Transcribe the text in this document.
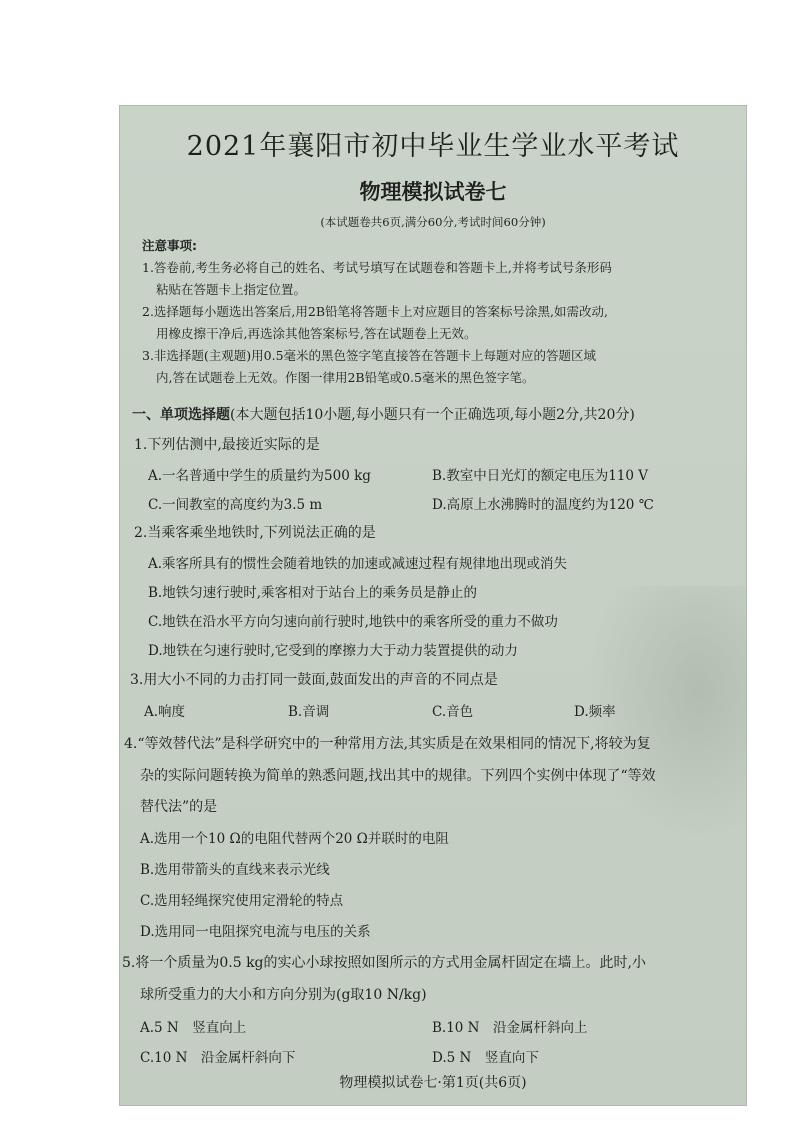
2021年襄阳市初中毕业生学业水平考试
物理模拟试卷七
(本试题卷共6页,满分60分,考试时间60分钟)
注意事项:
1.答卷前,考生务必将自己的姓名、考试号填写在试题卷和答题卡上,并将考试号条形码
粘贴在答题卡上指定位置。
2.选择题每小题选出答案后,用2B铅笔将答题卡上对应题目的答案标号涂黑,如需改动,
用橡皮擦干净后,再选涂其他答案标号,答在试题卷上无效。
3.非选择题(主观题)用0.5毫米的黑色签字笔直接答在答题卡上每题对应的答题区域
内,答在试题卷上无效。作图一律用2B铅笔或0.5毫米的黑色签字笔。
一、单项选择题(本大题包括10小题,每小题只有一个正确选项,每小题2分,共20分)
1.下列估测中,最接近实际的是
A.一名普通中学生的质量约为500 kg	B.教室中日光灯的额定电压为110 V
C.一间教室的高度约为3.5 m	D.高原上水沸腾时的温度约为120 ℃
2.当乘客乘坐地铁时,下列说法正确的是
A.乘客所具有的惯性会随着地铁的加速或减速过程有规律地出现或消失
B.地铁匀速行驶时,乘客相对于站台上的乘务员是静止的
C.地铁在沿水平方向匀速向前行驶时,地铁中的乘客所受的重力不做功
D.地铁在匀速行驶时,它受到的摩擦力大于动力装置提供的动力
3.用大小不同的力击打同一鼓面,鼓面发出的声音的不同点是
A.响度	B.音调	C.音色	D.频率
4.“等效替代法”是科学研究中的一种常用方法,其实质是在效果相同的情况下,将较为复
杂的实际问题转换为简单的熟悉问题,找出其中的规律。下列四个实例中体现了“等效
替代法”的是
A.选用一个10 Ω的电阻代替两个20 Ω并联时的电阻
B.选用带箭头的直线来表示光线
C.选用轻绳探究使用定滑轮的特点
D.选用同一电阻探究电流与电压的关系
5.将一个质量为0.5 kg的实心小球按照如图所示的方式用金属杆固定在墙上。此时,小
球所受重力的大小和方向分别为(g取10 N/kg)
A.5 N　竖直向上	B.10 N　沿金属杆斜向上
C.10 N　沿金属杆斜向下	D.5 N　竖直向下
物理模拟试卷七·第1页(共6页)
